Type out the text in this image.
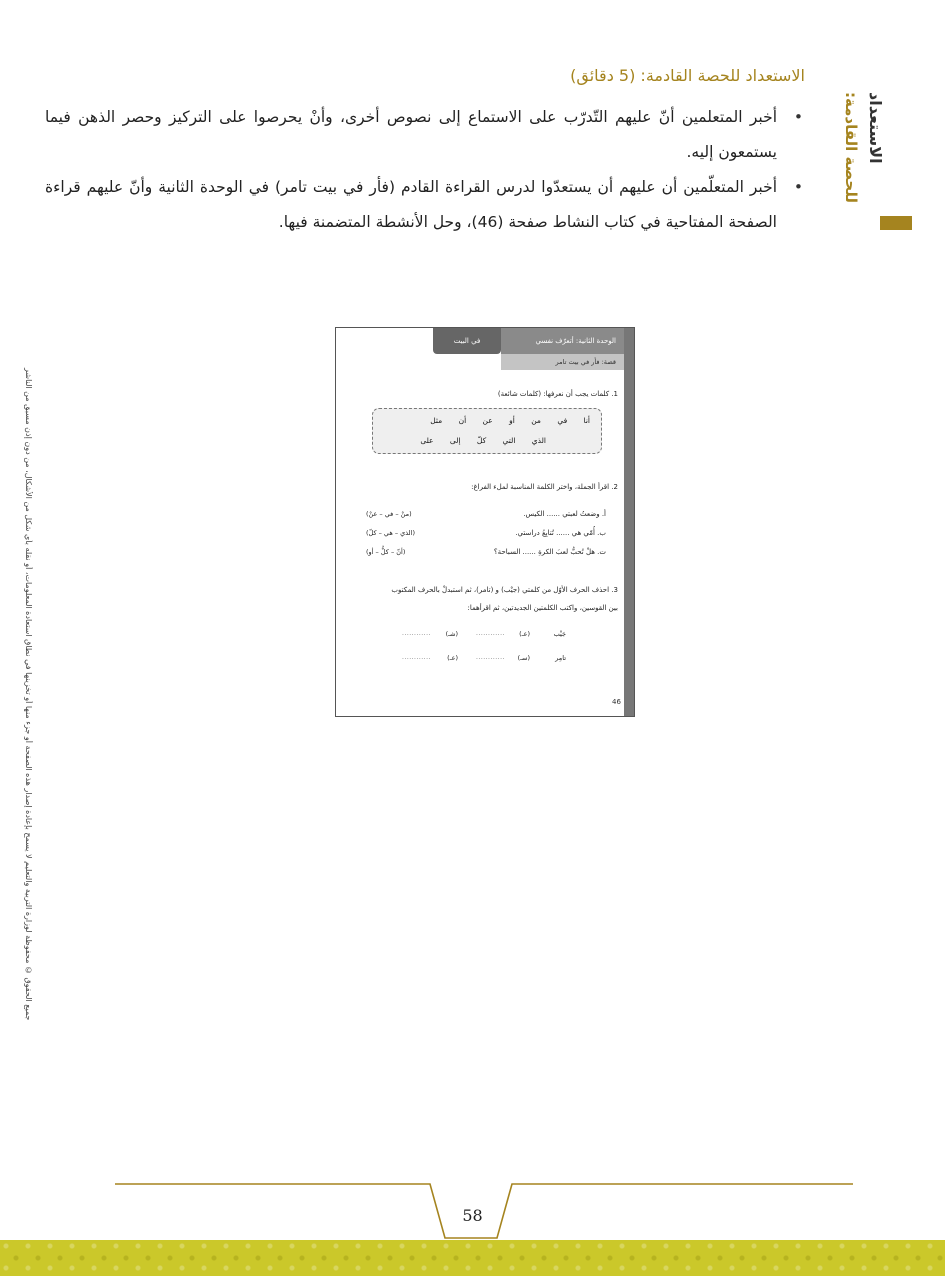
الاستعداد
للحصة القادمة:
الاستعداد للحصة القادمة: (5 دقائق)
• أخبر المتعلمين أنّ عليهم التّدرّب على الاستماع إلى نصوص أخرى، وأنْ يحرصوا على التركيز وحصر الذهن فيما يستمعون إليه.
• أخبر المتعلّمين أن عليهم أن يستعدّوا لدرس القراءة القادم (فأر في بيت تامر) في الوحدة الثانية وأنّ عليهم قراءة الصفحة المفتاحية في كتاب النشاط صفحة (46)، وحل الأنشطة المتضمنة فيها.
جميع الحقوق © محفوظة لوزارة التربية والتعليم لا يسمح بإعادة إصدار هذه الصفحة أو جزء منها أو تخزينها في نطاق استعادة المعلومات، أو نقله بأي شكل من الأشكال، من دون إذن مسبق من الناشر
في البيت	الوحدة الثانية: أتعرّف نفسي
قصة: فأر في بيت تامر
1. كلمات يجب أن نعرفها: (كلمات شائعة)
أنا في من أو عن أن مثل
الذي التي كلّ إلى على
2. اقرأ الجملة، واختر الكلمة المناسبة لملء الفراغ:
أ. وضعتُ لعبتي ...... الكيس.
ب. أُمّي هي ...... تُتابِعُ دراستي.
ت. هلْ تُحبُّ لعبَ الكرةِ ...... السباحة؟
(منْ – في – عنْ)
(الذي – هي – كلّ)
(أنّ – كلُّ – أو)
3. احذف الحرف الأوّل من كلمتي (جيْب) و (تامر)، ثم استبدلْ بالحرف المكتوب
بين القوسين، واكتب الكلمتين الجديدتين، ثم اقرأهما:
جَيْب
(عـ)
............
(شـ)
............
تامِر
(سـ)
............
(عـ)
............
46
58
